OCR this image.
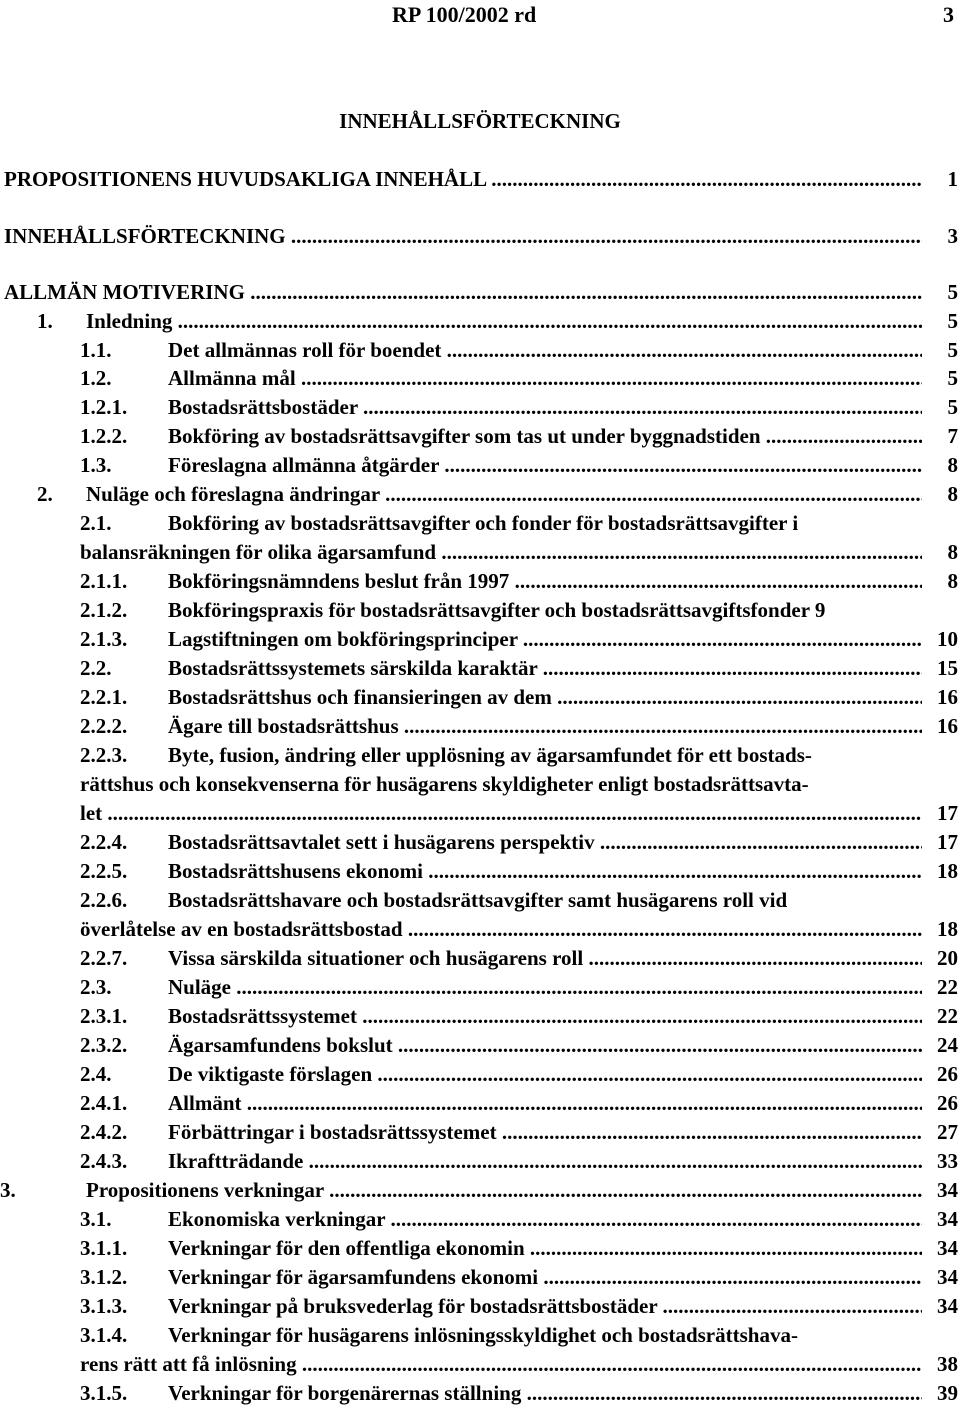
RP 100/2002 rd	3
INNEHÅLLSFÖRTECKNING
PROPOSITIONENS HUVUDSAKLIGA INNEHÅLL .....	1
INNEHÅLLSFÖRTECKNING .....	3
ALLMÄN MOTIVERING .....	5
1. Inledning .....	5
1.1.	Det allmännas roll för boendet .....	5
1.2.	Allmänna mål .....	5
1.2.1. Bostadsrättsbostäder .....	5
1.2.2. Bokföring av bostadsrättsavgifter som tas ut under byggnadstiden .....	7
1.3.	Föreslagna allmänna åtgärder .....	8
2. Nuläge och föreslagna ändringar .....	8
2.1.	Bokföring av bostadsrättsavgifter och fonder för bostadsrättsavgifter i
balansräkningen för olika ägarsamfund .....	8
2.1.1. Bokföringsnämndens beslut från 1997 .....	8
2.1.2. Bokföringspraxis för bostadsrättsavgifter och bostadsrättsavgiftsfonder 9
2.1.3. Lagstiftningen om bokföringsprinciper .....	10
2.2.	Bostadsrättssystemets särskilda karaktär .....	15
2.2.1. Bostadsrättshus och finansieringen av dem .....	16
2.2.2. Ägare till bostadsrättshus .....	16
2.2.3. Byte, fusion, ändring eller upplösning av ägarsamfundet för ett bostads-
rättshus och konsekvenserna för husägarens skyldigheter enligt bostadsrättsavta-
let .....	17
2.2.4. Bostadsrättsavtalet sett i husägarens perspektiv .....	17
2.2.5. Bostadsrättshusens ekonomi .....	18
2.2.6. Bostadsrättshavare och bostadsrättsavgifter samt husägarens roll vid
överlåtelse av en bostadsrättsbostad .....	18
2.2.7. Vissa särskilda situationer och husägarens roll .....	20
2.3.	Nuläge .....	22
2.3.1. Bostadsrättssystemet .....	22
2.3.2. Ägarsamfundens bokslut .....	24
2.4.	De viktigaste förslagen .....	26
2.4.1. Allmänt .....	26
2.4.2. Förbättringar i bostadsrättssystemet .....	27
2.4.3. Ikraftträdande .....	33
3.	Propositionens verkningar .....	34
3.1.	Ekonomiska verkningar .....	34
3.1.1. Verkningar för den offentliga ekonomin .....	34
3.1.2. Verkningar för ägarsamfundens ekonomi .....	34
3.1.3. Verkningar på bruksvederlag för bostadsrättsbostäder .....	34
3.1.4. Verkningar för husägarens inlösningsskyldighet och bostadsrättshava-
rens rätt att få inlösning .....	38
3.1.5. Verkningar för borgenärernas ställning .....	39
